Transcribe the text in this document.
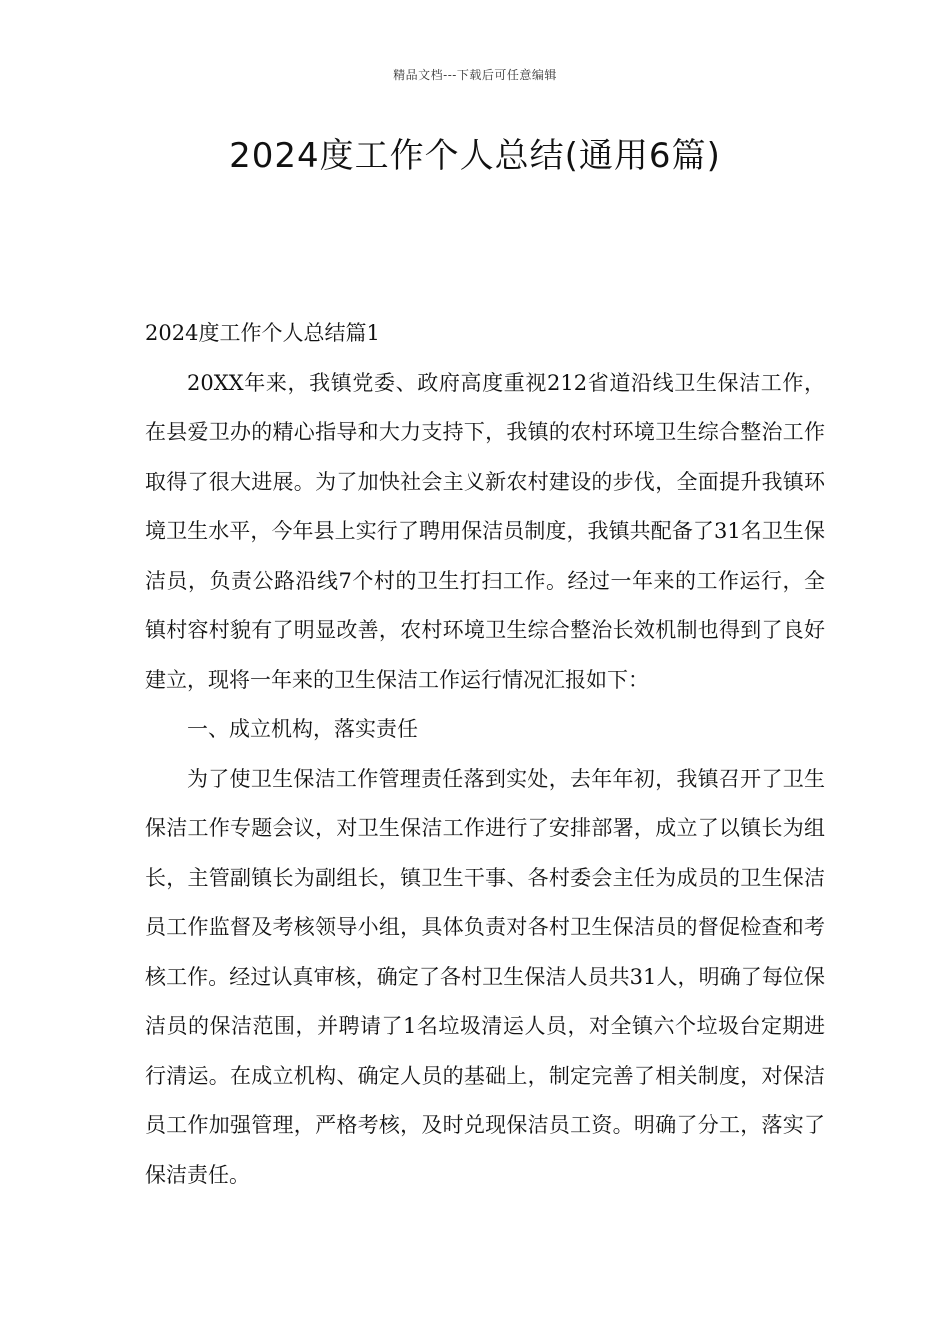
精品文档---下载后可任意编辑
2024度工作个人总结(通用6篇)

2024度工作个人总结篇1

20XX年来，我镇党委、政府高度重视212省道沿线卫生保洁工作，在县爱卫办的精心指导和大力支持下，我镇的农村环境卫生综合整治工作取得了很大进展。为了加快社会主义新农村建设的步伐，全面提升我镇环境卫生水平，今年县上实行了聘用保洁员制度，我镇共配备了31名卫生保洁员，负责公路沿线7个村的卫生打扫工作。经过一年来的工作运行，全镇村容村貌有了明显改善，农村环境卫生综合整治长效机制也得到了良好建立，现将一年来的卫生保洁工作运行情况汇报如下：

一、成立机构，落实责任

为了使卫生保洁工作管理责任落到实处，去年年初，我镇召开了卫生保洁工作专题会议，对卫生保洁工作进行了安排部署，成立了以镇长为组长，主管副镇长为副组长，镇卫生干事、各村委会主任为成员的卫生保洁员工作监督及考核领导小组，具体负责对各村卫生保洁员的督促检查和考核工作。经过认真审核，确定了各村卫生保洁人员共31人，明确了每位保洁员的保洁范围，并聘请了1名垃圾清运人员，对全镇六个垃圾台定期进行清运。在成立机构、确定人员的基础上，制定完善了相关制度，对保洁员工作加强管理，严格考核，及时兑现保洁员工资。明确了分工，落实了保洁责任。
